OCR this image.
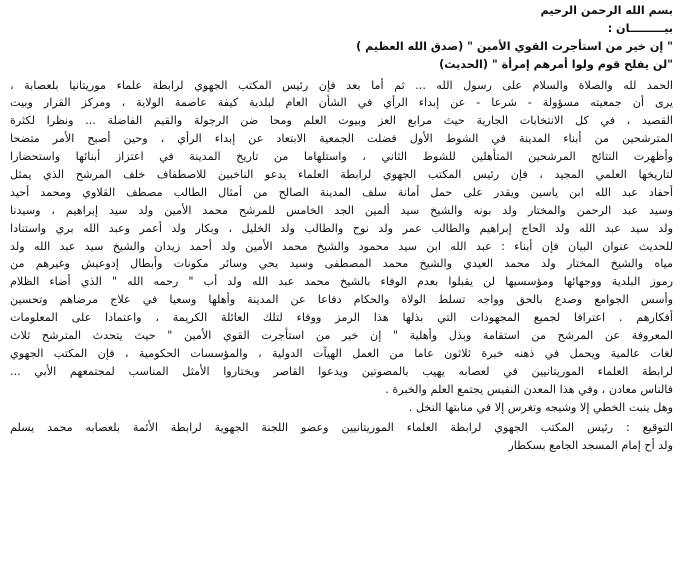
بسم الله الرحمن الرحيم
بيـــــــــان :
" إن خير من استأجرت القوي الأمين " (صدق الله العظيم )
"لن يفلح قوم ولوا أمرهم إمرأة " (الحديث)
الحمد لله والصلاة والسلام على رسول الله ... ثم أما بعد فإن رئيس المكتب الجهوي لرابطة علماء موريتانيا بلعصابة ،
يرى أن جمعيته مسؤولة - شرعا - عن إبداء الرأي في الشأن العام لبلدية كيفة عاصمة الولاية ، ومركز القرار وبيت
القصيد ، في كل الانتخابات الجارية حيث مرابع العز وبيوت العلم ومحا ضن الرجولة والقيم الفاضلة ... ونظرا لكثرة
المترشحين من أبناء المدينة في الشوط الأول فضلت الجمعية الابتعاد عن إبداء الرأي ، وحين أصبح الأمر متضحا
وأظهرت النتائج المرشحين المتأهلين للشوط الثاني ، واستلهاما من تاريخ المدينة في اعتزاز أبنائها واستحضارا
لتاريخها العلمي المجيد ، فإن رئيس المكتب الجهوي لرابطة العلماء يدعو الناخبين للاصطفاف خلف المرشح الذي يمثل
أحفاد عبد الله ابن ياسين ويقدر على حمل أمانة سلف المدينة الصالح من أمثال الطالب مصطف القلاوي ومحمد أحيد
وسيد عبد الرحمن والمختار ولد بونه والشيخ سيد ألمين الجد الخامس للمرشح محمد الأمين ولد سيد إبراهيم ، وسيدنا
ولد سيد عبد الله ولد الحاج إبراهيم والطالب عمر ولد نوح والطالب ولد الخليل ، وبكار ولد أعمر وعبد الله بري واستنادا
للحديث عنوان البيان فإن أبناء : عبد الله ابن سيد محمود والشيخ محمد الأمين ولد أحمد زيدان والشيخ سيد عبد الله ولد
مياه والشيخ المختار ولد محمد العيدي والشيخ محمد المصطفى وسيد يحي وسائر مكونات وأبطال إدوعيش وغيرهم من
رموز البلدية ووجهائها ومؤسسيها لن يقبلوا بعدم الوفاء بالشيخ محمد عبد الله ولد أب " رحمه الله " الذي أضاء الظلام
وأسس الجوامع وصدع بالحق وواجه تسلط الولاة والحكام دفاعا عن المدينة وأهلها وسعيا في علاج مرضاهم وتحسين
أفكارهم . اعترافا لجميع المجهودات التي بذلها هذا الرمز ووفاء لتلك العائلة الكريمة ، واعتمادا على المعلومات
المعروفة عن المرشح من استقامة وبذل وأهلية " إن خير من استأجرت القوي الأمين " حيث يتحدث المترشح ثلاث
لغات عالمية ويحمل في ذهنه خبرة ثلاثون عاما من العمل الهيآت الدولية ، والمؤسسات الحكومية ، فإن المكتب الجهوي
لرابطة العلماء الموريتانيين في لعصابه يهيب بالمصوتين ويدعوا القاصر ويختاروا الأمثل المناسب لمجتمعهم الأبي ...
فالناس معادن ، وفي هذا المعدن النفيس يجتمع العلم والخبرة .
وهل ينبت الخطي إلا وشيجه وتغرس إلا في منابتها النخل .
التوقيع : رئيس المكتب الجهوي لرابطة العلماء الموريتانيين وعضو اللجنة الجهوية لرابطة الأئمة بلعصابه محمد يسلم
ولد أح إمام المسجد الجامع بسكطار
